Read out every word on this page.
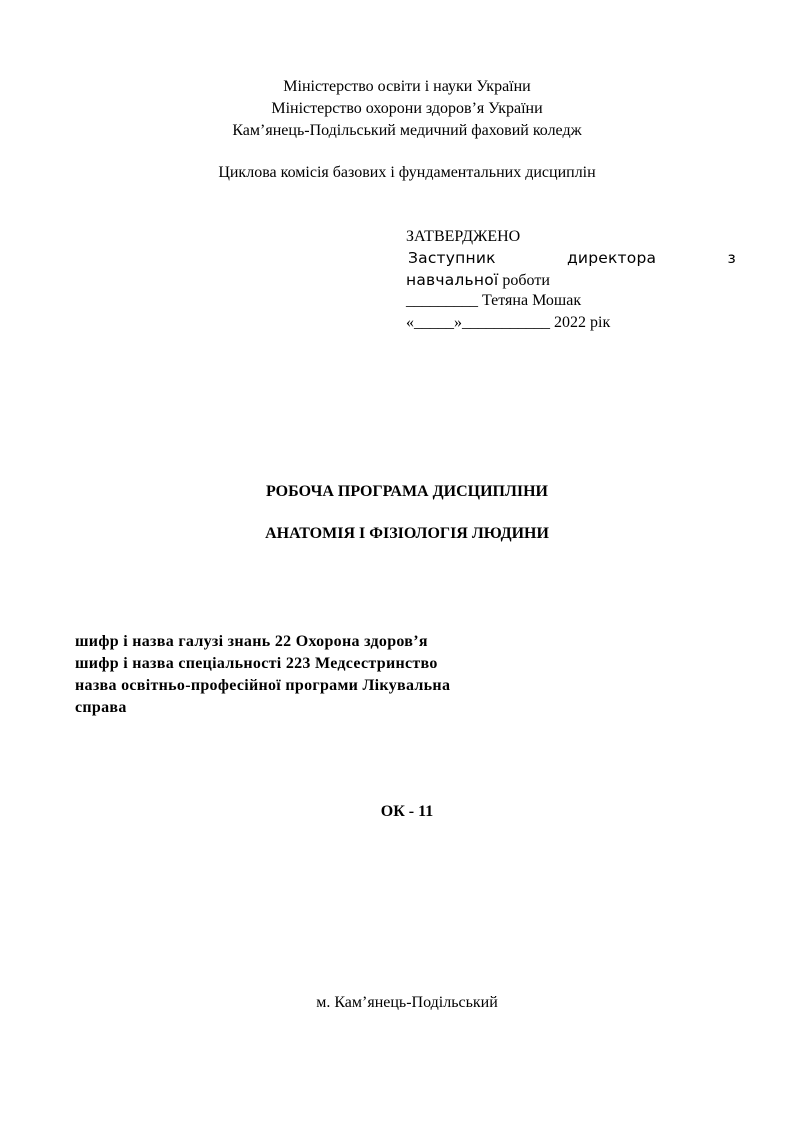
Міністерство освіти і науки України
Міністерство охорони здоров’я України
Кам’янець-Подільський медичний фаховий коледж
Циклова комісія базових і фундаментальних дисциплін
ЗАТВЕРДЖЕНО
Заступник	директора	з
навчальної роботи
_________ Тетяна Мошак
«_____»___________ 2022 рік
РОБОЧА ПРОГРАМА ДИСЦИПЛІНИ
АНАТОМІЯ І ФІЗІОЛОГІЯ ЛЮДИНИ
шифр і назва галузі знань 22 Охорона здоров’я
шифр і назва спеціальності 223 Медсестринство
назва освітньо-професійної програми Лікувальна
справа
ОК - 11
м. Кам’янець-Подільський
